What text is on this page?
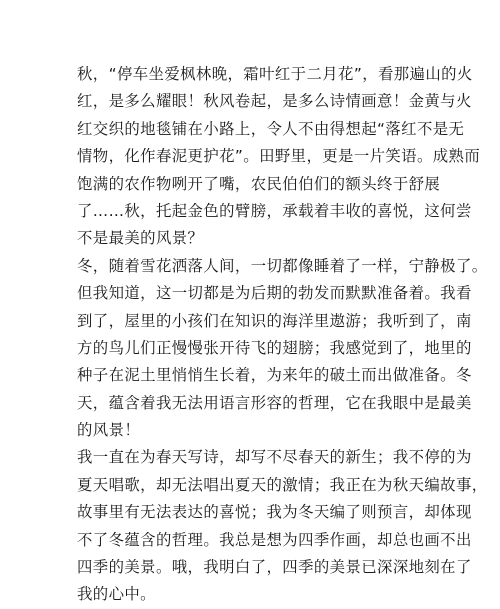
秋，“停车坐爱枫林晚，霜叶红于二月花”，看那遍山的火
红，是多么耀眼！秋风卷起，是多么诗情画意！金黄与火
红交织的地毯铺在小路上，令人不由得想起“落红不是无
情物，化作春泥更护花”。田野里，更是一片笑语。成熟而
饱满的农作物咧开了嘴，农民伯伯们的额头终于舒展
了……秋，托起金色的臂膀，承载着丰收的喜悦，这何尝
不是最美的风景？
冬，随着雪花洒落人间，一切都像睡着了一样，宁静极了。
但我知道，这一切都是为后期的勃发而默默准备着。我看
到了，屋里的小孩们在知识的海洋里遨游；我听到了，南
方的鸟儿们正慢慢张开待飞的翅膀；我感觉到了，地里的
种子在泥土里悄悄生长着，为来年的破土而出做准备。冬
天，蕴含着我无法用语言形容的哲理，它在我眼中是最美
的风景！
我一直在为春天写诗，却写不尽春天的新生；我不停的为
夏天唱歌，却无法唱出夏天的激情；我正在为秋天编故事，
故事里有无法表达的喜悦；我为冬天编了则预言，却体现
不了冬蕴含的哲理。我总是想为四季作画，却总也画不出
四季的美景。哦，我明白了，四季的美景已深深地刻在了
我的心中。
